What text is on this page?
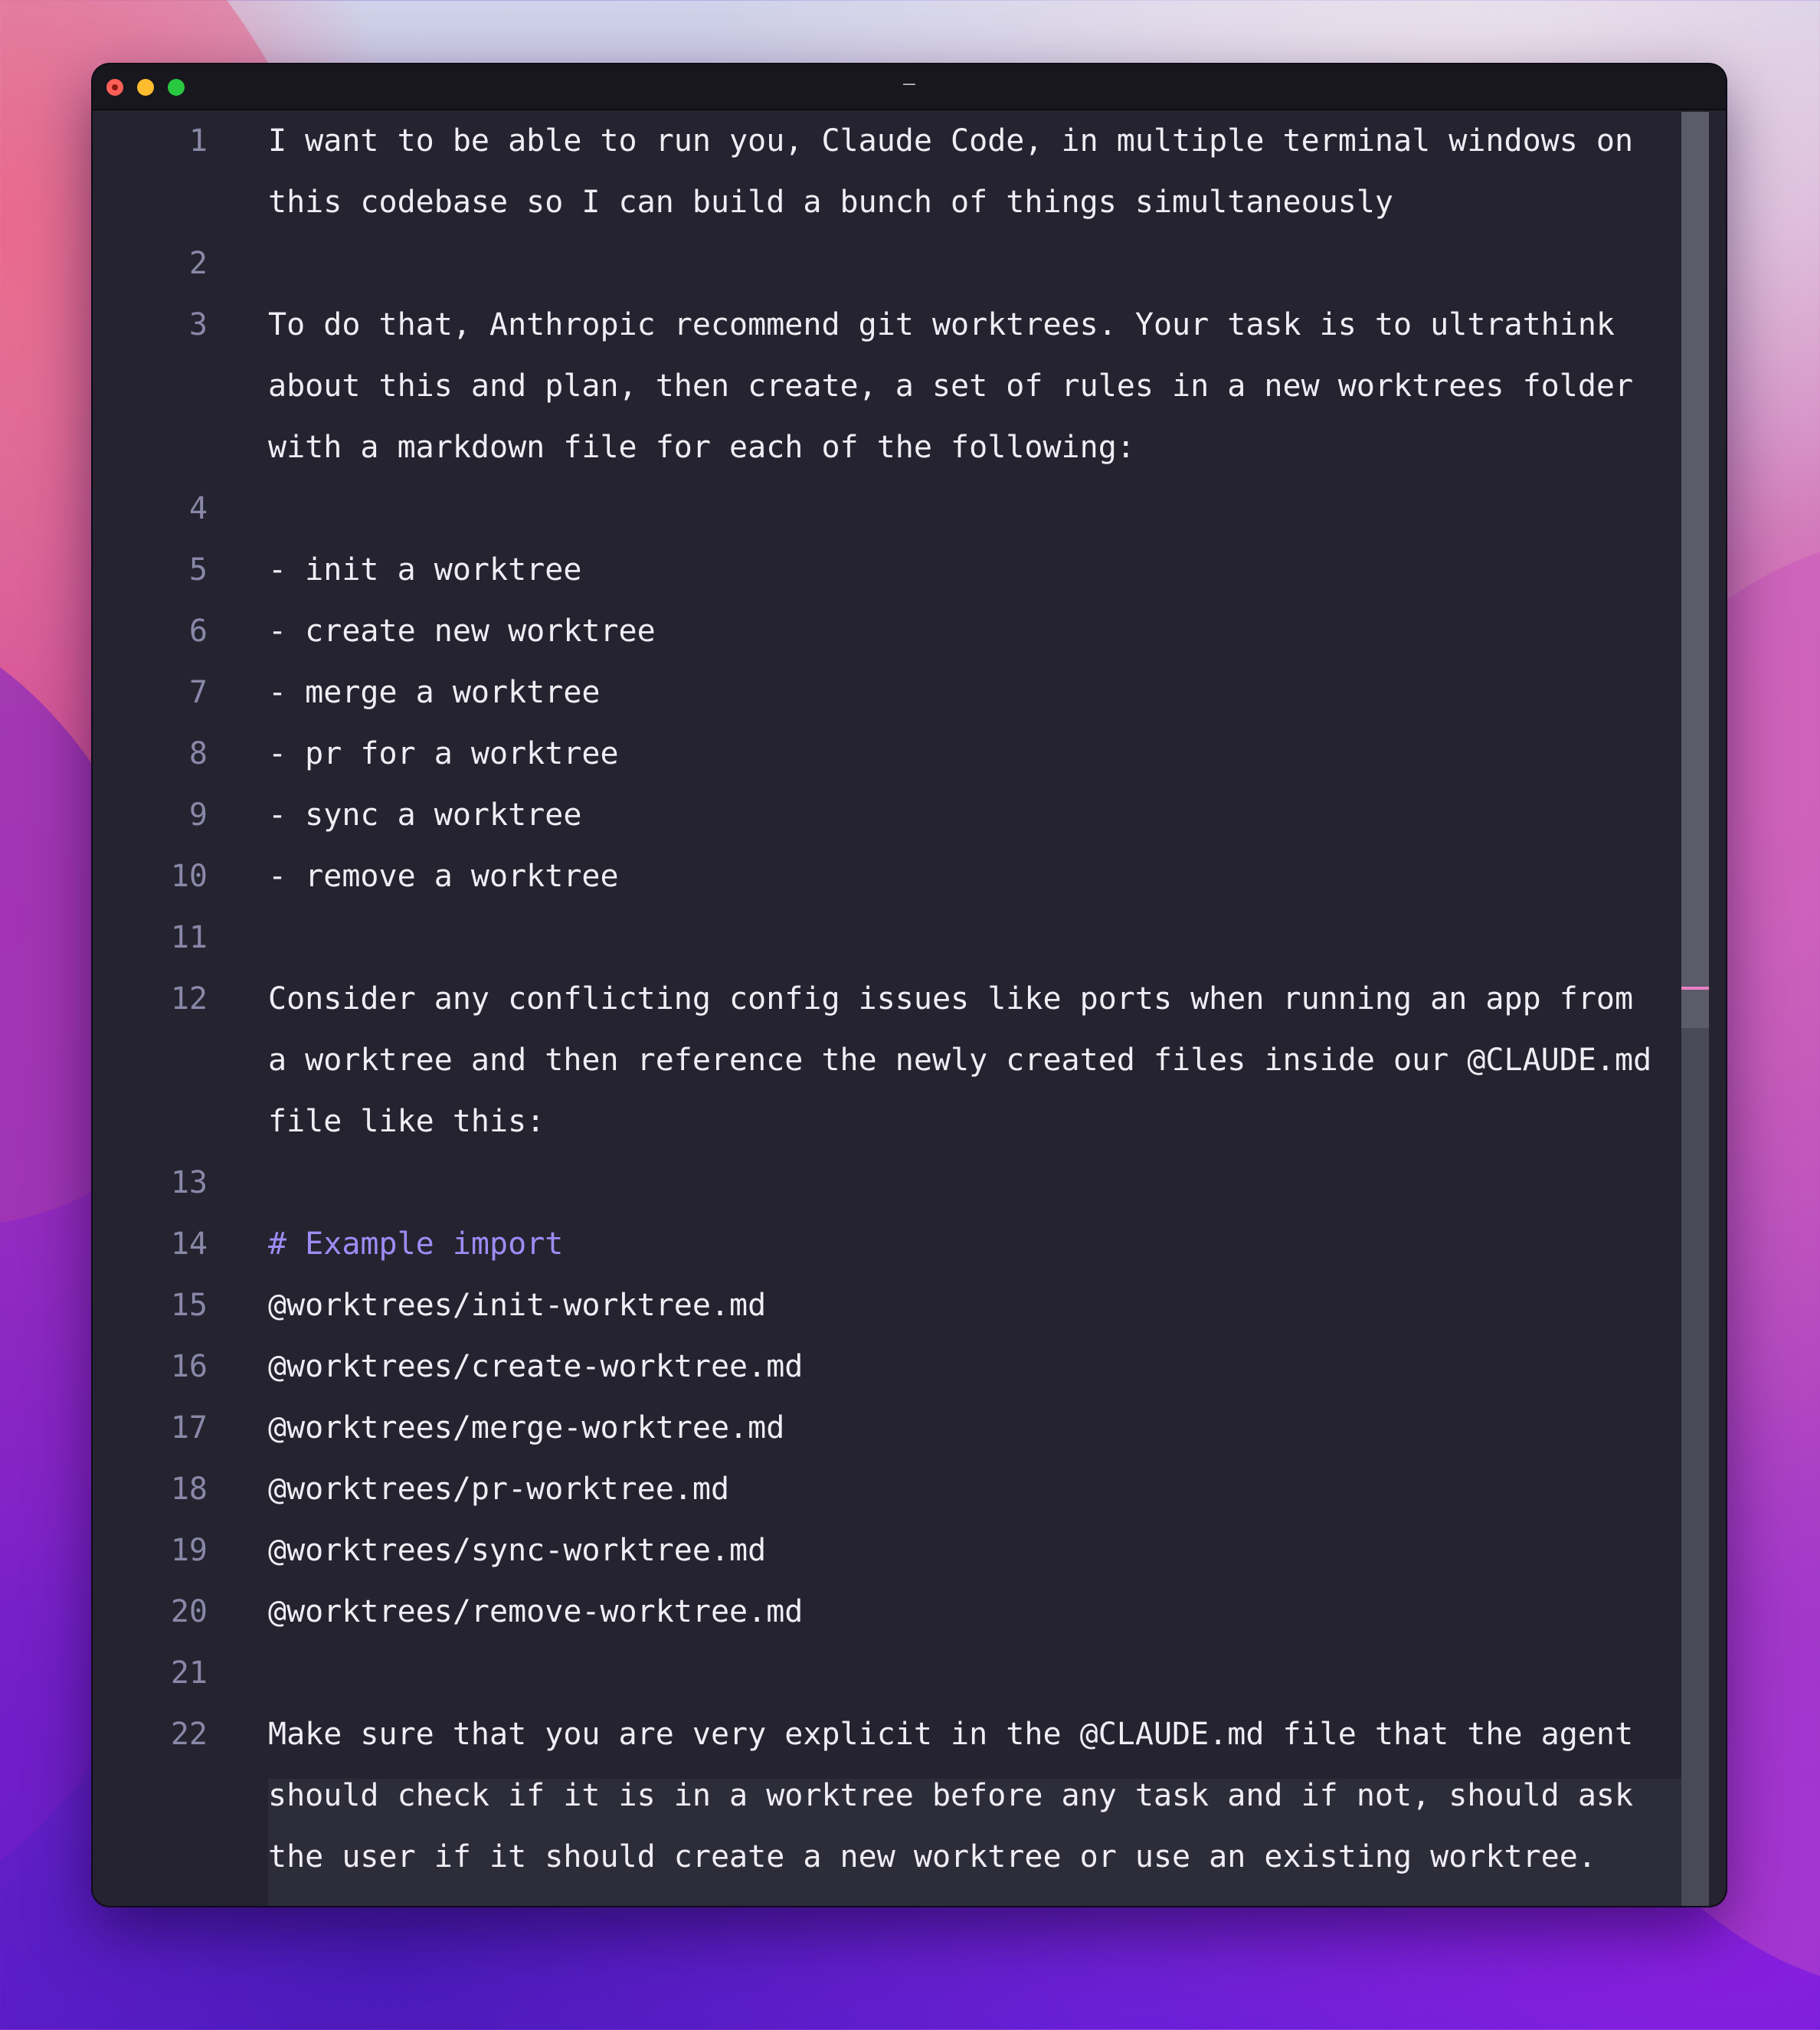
—
1 I want to be able to run you, Claude Code, in multiple terminal windows on
this codebase so I can build a bunch of things simultaneously
2
3 To do that, Anthropic recommend git worktrees. Your task is to ultrathink
about this and plan, then create, a set of rules in a new worktrees folder
with a markdown file for each of the following:
4
5 - init a worktree
6 - create new worktree
7 - merge a worktree
8 - pr for a worktree
9 - sync a worktree
10 - remove a worktree
11
12 Consider any conflicting config issues like ports when running an app from
a worktree and then reference the newly created files inside our @CLAUDE.md
file like this:
13
14 # Example import
15 @worktrees/init-worktree.md
16 @worktrees/create-worktree.md
17 @worktrees/merge-worktree.md
18 @worktrees/pr-worktree.md
19 @worktrees/sync-worktree.md
20 @worktrees/remove-worktree.md
21
22 Make sure that you are very explicit in the @CLAUDE.md file that the agent
should check if it is in a worktree before any task and if not, should ask
the user if it should create a new worktree or use an existing worktree.
